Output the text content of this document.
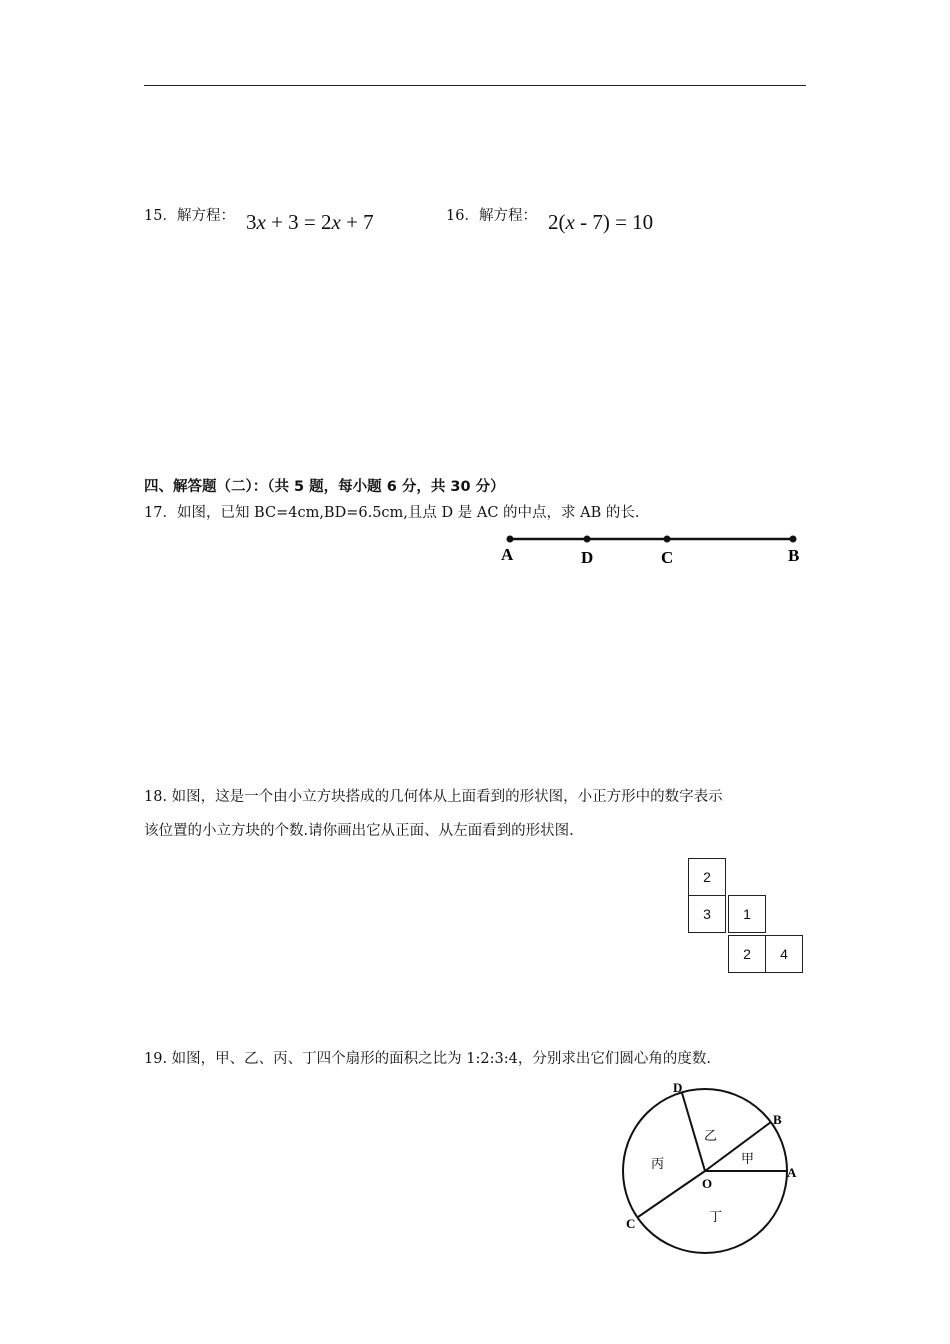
15．解方程： 3x + 3 = 2x + 7	16．解方程： 2(x - 7) = 10
四、解答题（二）：（共 5 题，每小题 6 分，共 30 分）
17．如图，已知 BC=4cm,BD=6.5cm,且点 D 是 AC 的中点，求 AB 的长.
A	D	C	B
18. 如图，这是一个由小立方块搭成的几何体从上面看到的形状图，小正方形中的数字表示
该位置的小立方块的个数.请你画出它从正面、从左面看到的形状图.
2
3	1
2	4
19. 如图，甲、乙、丙、丁四个扇形的面积之比为 1:2:3:4，分别求出它们圆心角的度数.
D
B
A
C
O
甲
乙
丙
丁
